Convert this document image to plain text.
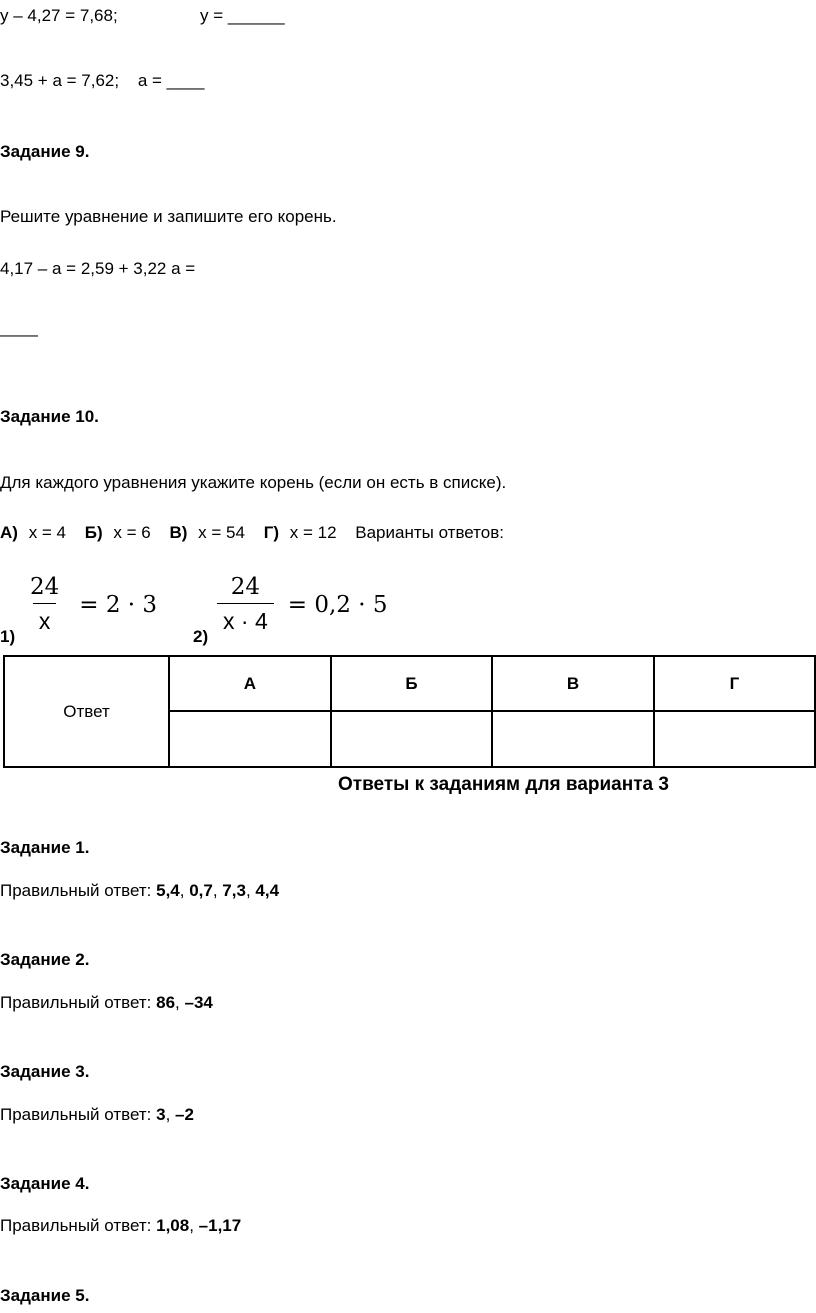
y – 4,27 = 7,68;	y = ______
3,45 + a = 7,62; a = ____
Задание 9.
Решите уравнение и запишите его корень.
4,17 – a = 2,59 + 3,22 a =
____
Задание 10.
Для каждого уравнения укажите корень (если он есть в списке).
А) x = 4 Б) x = 6 В) x = 54 Г) x = 12 Варианты ответов:
1)
$\frac{24}{x} = 2 \cdot 3$
2)
$\frac{24}{x \cdot 4} = 0,2 \cdot 5$
Ответ	А	Б	В	Г

Ответы к заданиям для варианта 3
Задание 1.
Правильный ответ: 5,4, 0,7, 7,3, 4,4
Задание 2.
Правильный ответ: 86, –34
Задание 3.
Правильный ответ: 3, –2
Задание 4.
Правильный ответ: 1,08, –1,17
Задание 5.
